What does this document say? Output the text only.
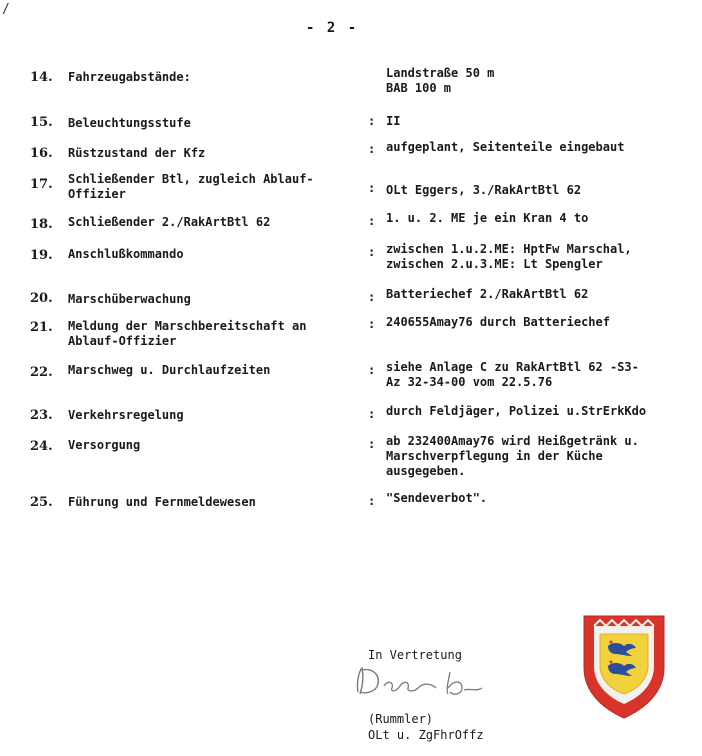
/
- 2 -
14. Fahrzeugabstände:	Landstraße 50 m
BAB 100 m
15. Beleuchtungsstufe	: II
16. Rüstzustand der Kfz	: aufgeplant, Seitenteile eingebaut
17. Schließender Btl, zugleich Ablauf-Offizier	: OLt Eggers, 3./RakArtBtl 62
18. Schließender 2./RakArtBtl 62	: 1. u. 2. ME je ein Kran 4 to
19. Anschlußkommando	: zwischen 1.u.2.ME: HptFw Marschal,
zwischen 2.u.3.ME: Lt Spengler
20. Marschüberwachung	: Batteriechef 2./RakArtBtl 62
21. Meldung der Marschbereitschaft an Ablauf-Offizier
: 240655Amay76 durch Batteriechef
22. Marschweg u. Durchlaufzeiten	: siehe Anlage C zu RakArtBtl 62 -S3-
Az 32-34-00 vom 22.5.76
23. Verkehrsregelung	: durch Feldjäger, Polizei u.StrErkKdo
24. Versorgung	: ab 232400Amay76 wird Heißgetränk u.
Marschverpflegung in der Küche
ausgegeben.
25. Führung und Fernmeldewesen	: "Sendeverbot".
In Vertretung
(Rummler)
OLt u. ZgFhrOffz
